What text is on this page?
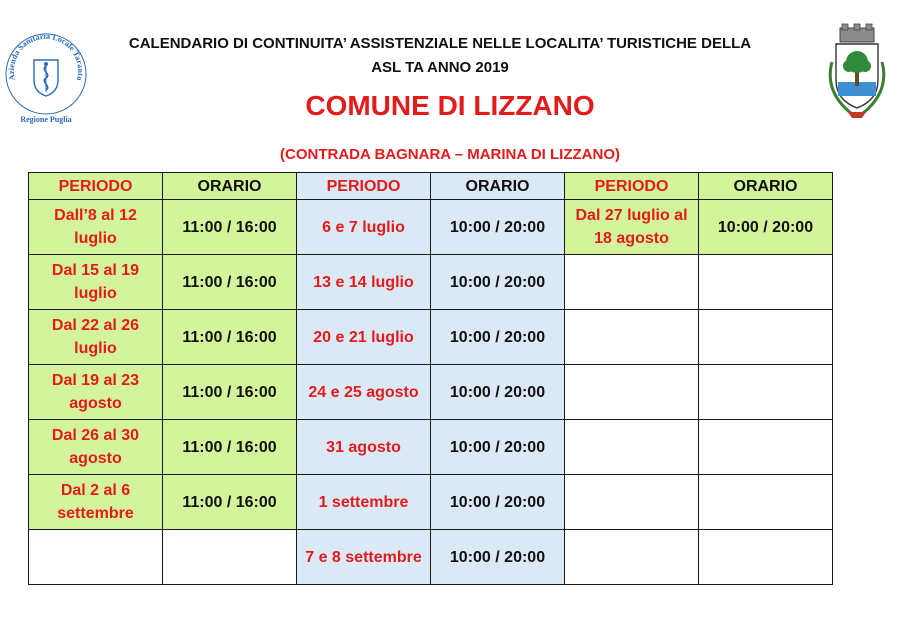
Azienda Sanitaria Locale Taranto
Regione Puglia
CALENDARIO DI CONTINUITA’ ASSISTENZIALE NELLE LOCALITA’ TURISTICHE DELLA
ASL TA ANNO 2019
COMUNE DI LIZZANO
(CONTRADA BAGNARA – MARINA DI LIZZANO)
PERIODO	ORARIO	PERIODO	ORARIO	PERIODO	ORARIO
Dall’8 al 12 luglio	11:00 / 16:00	6 e 7 luglio	10:00 / 20:00	Dal 27 luglio al 18 agosto	10:00 / 20:00
Dal 15 al 19 luglio	11:00 / 16:00	13 e 14 luglio	10:00 / 20:00		
Dal 22 al 26 luglio	11:00 / 16:00	20 e 21 luglio	10:00 / 20:00		
Dal 19 al 23 agosto	11:00 / 16:00	24 e 25 agosto	10:00 / 20:00		
Dal 26 al 30 agosto	11:00 / 16:00	31 agosto	10:00 / 20:00		
Dal 2 al 6 settembre	11:00 / 16:00	1 settembre	10:00 / 20:00		
		7 e 8 settembre	10:00 / 20:00		
